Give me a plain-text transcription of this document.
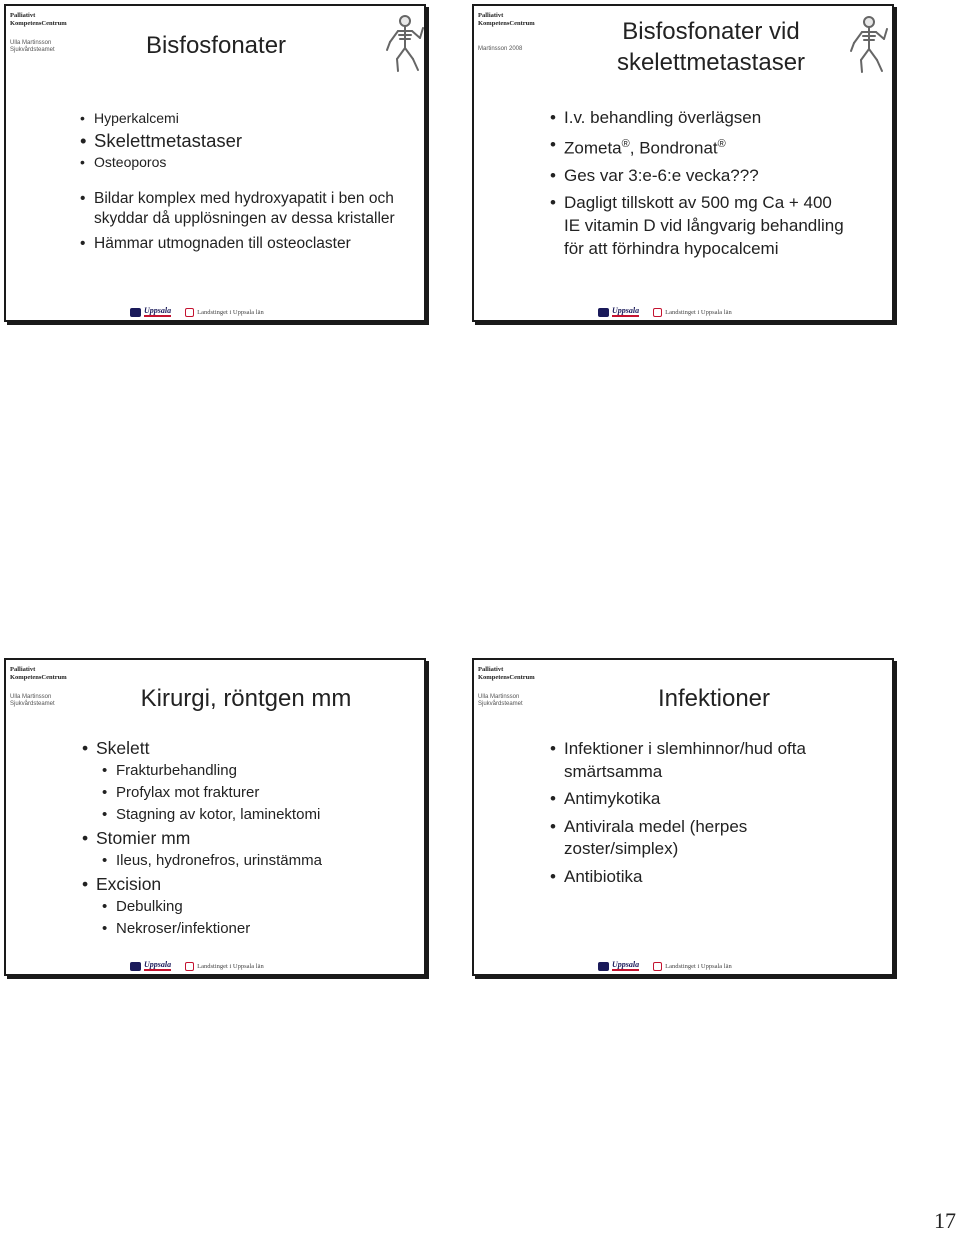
Palliativt
KompetensCentrum
Ulla Martinsson
Sjukvårdsteamet	Bisfosfonater
• Hyperkalcemi
• Skelettmetastaser
• Osteoporos
• Bildar komplex med hydroxyapatit i ben och skyddar då upplösningen av dessa kristaller
• Hämmar utmognaden till osteoclaster
Uppsala	Landstinget i Uppsala län
Palliativt
KompetensCentrum
Martinsson 2008
Bisfosfonater vid
skelettmetastaser
• I.v. behandling överlägsen
• Zometa®, Bondronat®
• Ges var 3:e-6:e vecka???
• Dagligt tillskott av 500 mg Ca + 400 IE vitamin D vid långvarig behandling för att förhindra hypocalcemi
Uppsala	Landstinget i Uppsala län
Palliativt
KompetensCentrum
Ulla Martinsson
Sjukvårdsteamet	Kirurgi, röntgen mm
• Skelett
• Frakturbehandling
• Profylax mot frakturer
• Stagning av kotor, laminektomi
• Stomier mm
• Ileus, hydronefros, urinstämma
• Excision
• Debulking
• Nekroser/infektioner
Uppsala	Landstinget i Uppsala län
Palliativt
KompetensCentrum
Ulla Martinsson
Sjukvårdsteamet	Infektioner
• Infektioner i slemhinnor/hud ofta smärtsamma
• Antimykotika
• Antivirala medel (herpes zoster/simplex)
• Antibiotika
Uppsala	Landstinget i Uppsala län
17
